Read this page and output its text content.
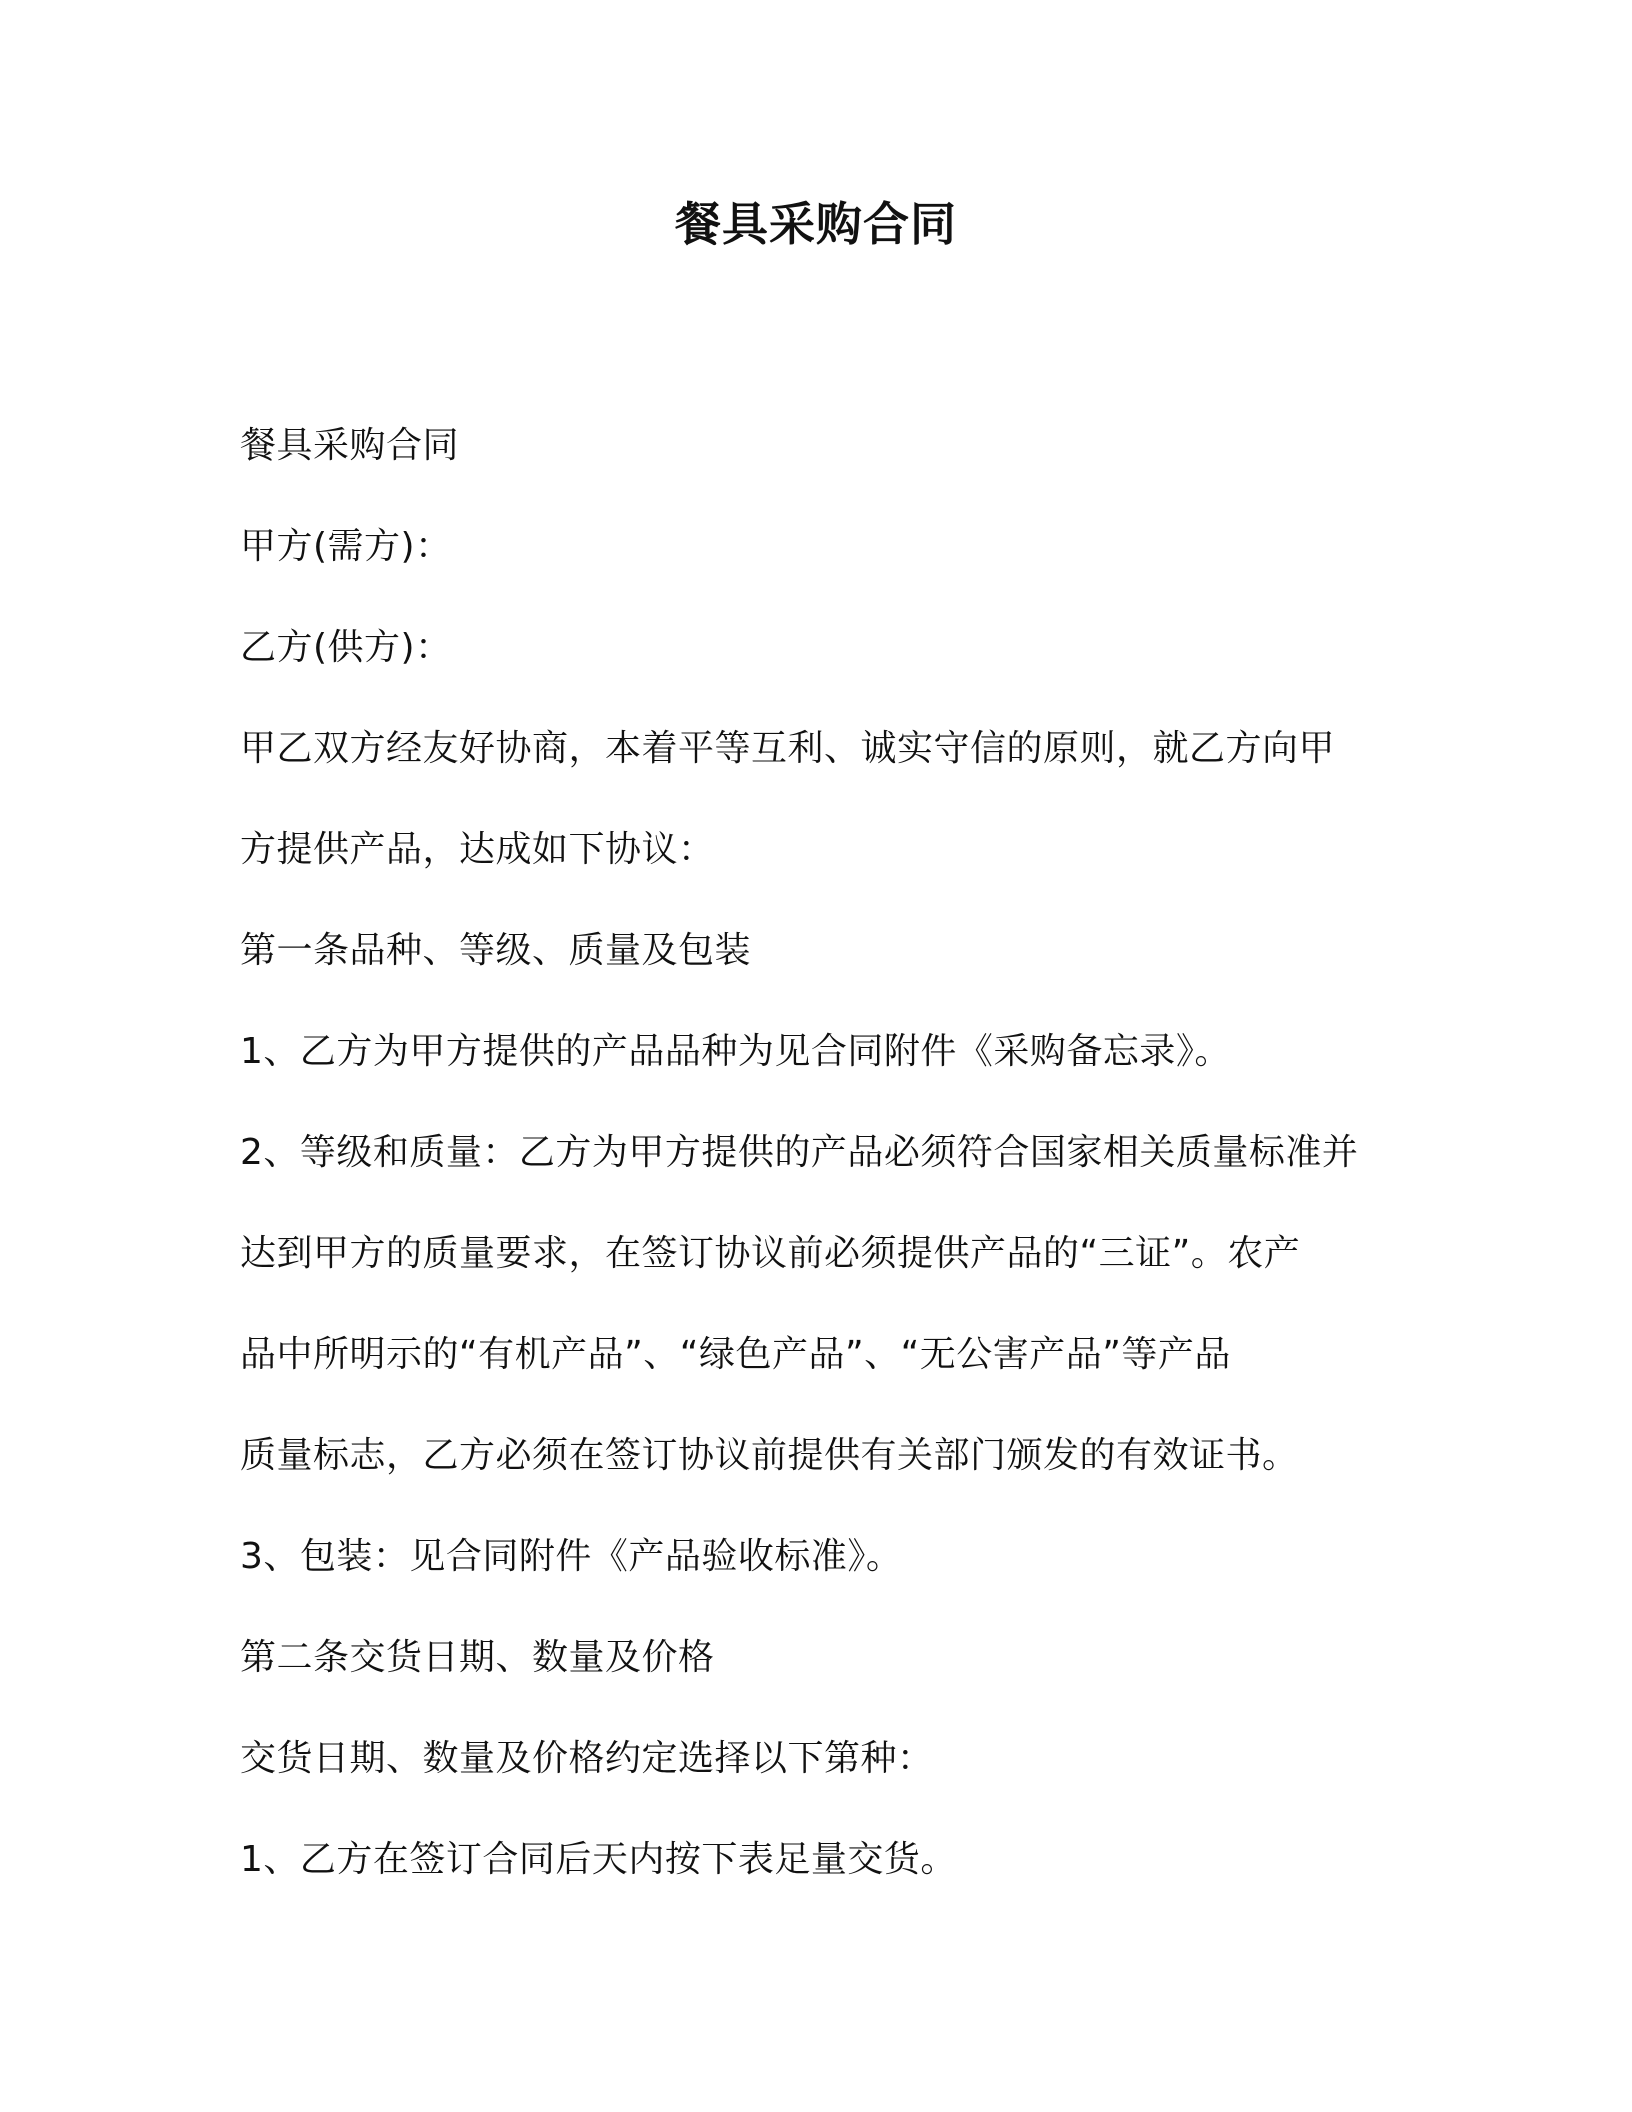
餐具采购合同
餐具采购合同
甲方(需方)：
乙方(供方)：
甲乙双方经友好协商，本着平等互利、诚实守信的原则，就乙方向甲
方提供产品，达成如下协议：
第一条品种、等级、质量及包装
1、乙方为甲方提供的产品品种为见合同附件《采购备忘录》。
2、等级和质量：乙方为甲方提供的产品必须符合国家相关质量标准并
达到甲方的质量要求，在签订协议前必须提供产品的“三证”。农产
品中所明示的“有机产品”、“绿色产品”、“无公害产品”等产品
质量标志，乙方必须在签订协议前提供有关部门颁发的有效证书。
3、包装：见合同附件《产品验收标准》。
第二条交货日期、数量及价格
交货日期、数量及价格约定选择以下第种：
1、乙方在签订合同后天内按下表足量交货。
